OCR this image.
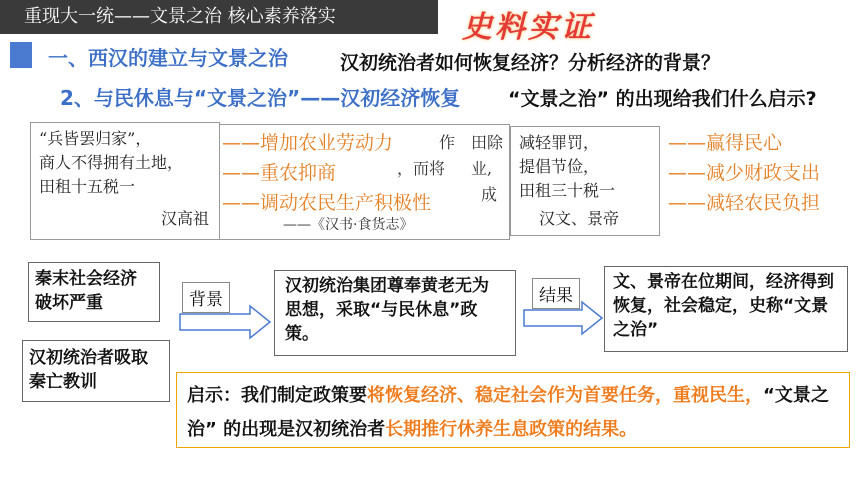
重现大一统——文景之治 核心素养落实	史料实证
一、西汉的建立与文景之治
2、与民休息与“文景之治”——汉初经济恢复
汉初统治者如何恢复经济？分析经济的背景？
“文景之治” 的出现给我们什么启示?
作 田除
业,
，而将
成
——《汉书·食货志》
“兵皆罢归家”，
商人不得拥有土地，
田租十五税一
汉高祖
减轻罪罚，
提倡节俭，
田租三十税一
汉文、景帝
——增加农业劳动力
——重农抑商
——调动农民生产积极性
——赢得民心
——减少财政支出
——减轻农民负担
秦末社会经济破坏严重
汉初统治者吸取秦亡教训
背景
汉初统治集团尊奉黄老无为思想，采取“与民休息”政策。
结果
文、景帝在位期间，经济得到恢复，社会稳定，史称“文景之治”
启示：我们制定政策要将恢复经济、稳定社会作为首要任务，重视民生，“文景之治” 的出现是汉初统治者长期推行休养生息政策的结果。
